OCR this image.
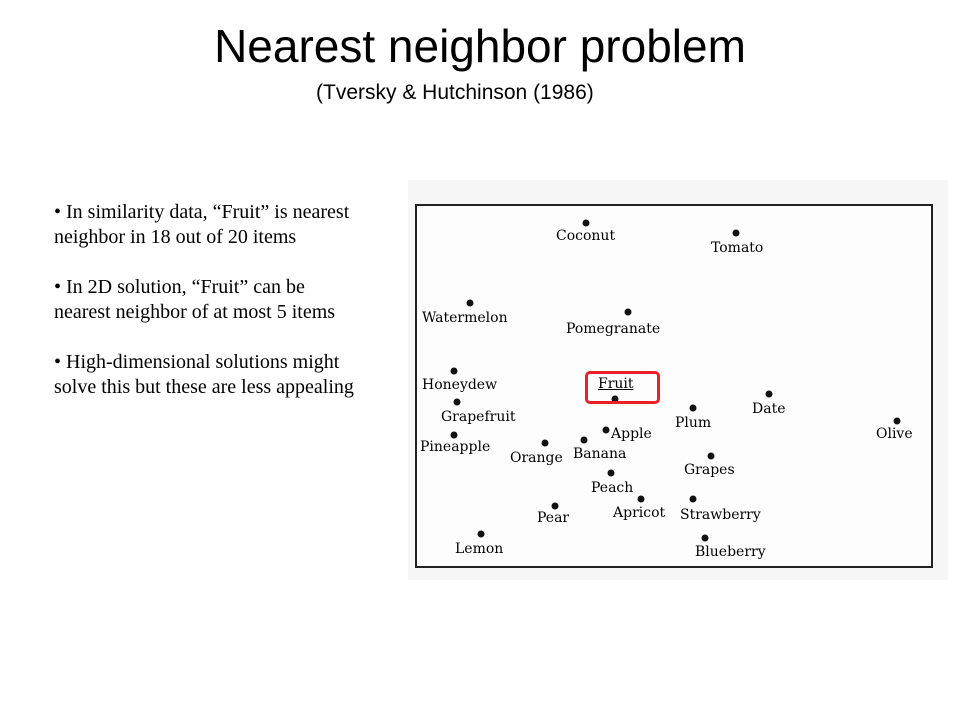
Nearest neighbor problem
(Tversky & Hutchinson (1986)

• In similarity data, “Fruit” is nearest neighbor in 18 out of 20 items

• In 2D solution, “Fruit” can be nearest neighbor of at most 5 items

• High-dimensional solutions might solve this but these are less appealing

Coconut
Tomato
Watermelon
Pomegranate
Honeydew	Fruit
Date
Plum
Olive
Grapefruit
Pineapple
Apple
Orange Banana
Grapes
Peach
Pear	Apricot Strawberry
Lemon	Blueberry
